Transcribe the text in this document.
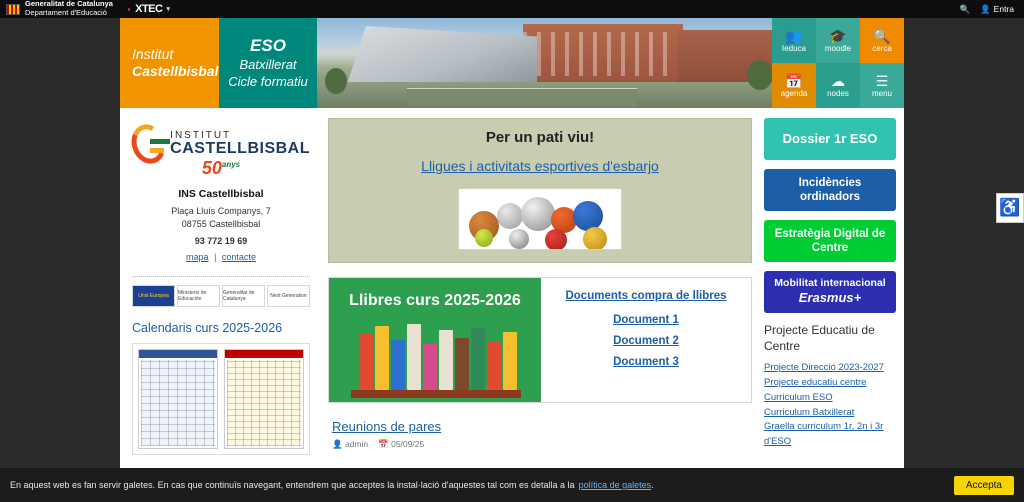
Generalitat de Catalunya
Departament d'Educació	· XTEC ▾	🔍 👤 Entra
Institut
Castellbisbal
ESO
Batxillerat
Cicle formatiu
👥
Ieduca
🎓
moodle
🔍
cerca
📅
agenda
☁
nodes
☰
menu
INSTITUT
CASTELLBISBAL
$50^{anys}$
INS Castellbisbal
Plaça Lluís Companys, 7
08755 Castellbisbal
93 772 19 69
mapa | contacte
Unió Europea	Ministerio de Educación
Generalitat de Catalunya	Next Generation
Calendaris curs 2025-2026
Per un pati viu!
Lligues i activitats esportives d'esbarjo
Llibres curs 2025-2026	Documents compra de llibres
Document 1
Document 2
Document 3
Reunions de pares
👤 admin 📅 05/09/25
Dossier 1r ESO
Incidències ordinadors
Estratègia Digital de Centre
Mobilitat internacional
Erasmus+
Projecte Educatiu de Centre
Projecte Direcció 2023-2027
Projecte educatiu centre
Curriculum ESO
Curriculum Batxillerat
Graella curriculum 1r, 2n i 3r d'ESO
♿
En aquest web es fan servir galetes. En cas que continuïs navegant, entendrem que acceptes la instal·lació d'aquestes tal com es detalla a la política de galetes .	Accepta
